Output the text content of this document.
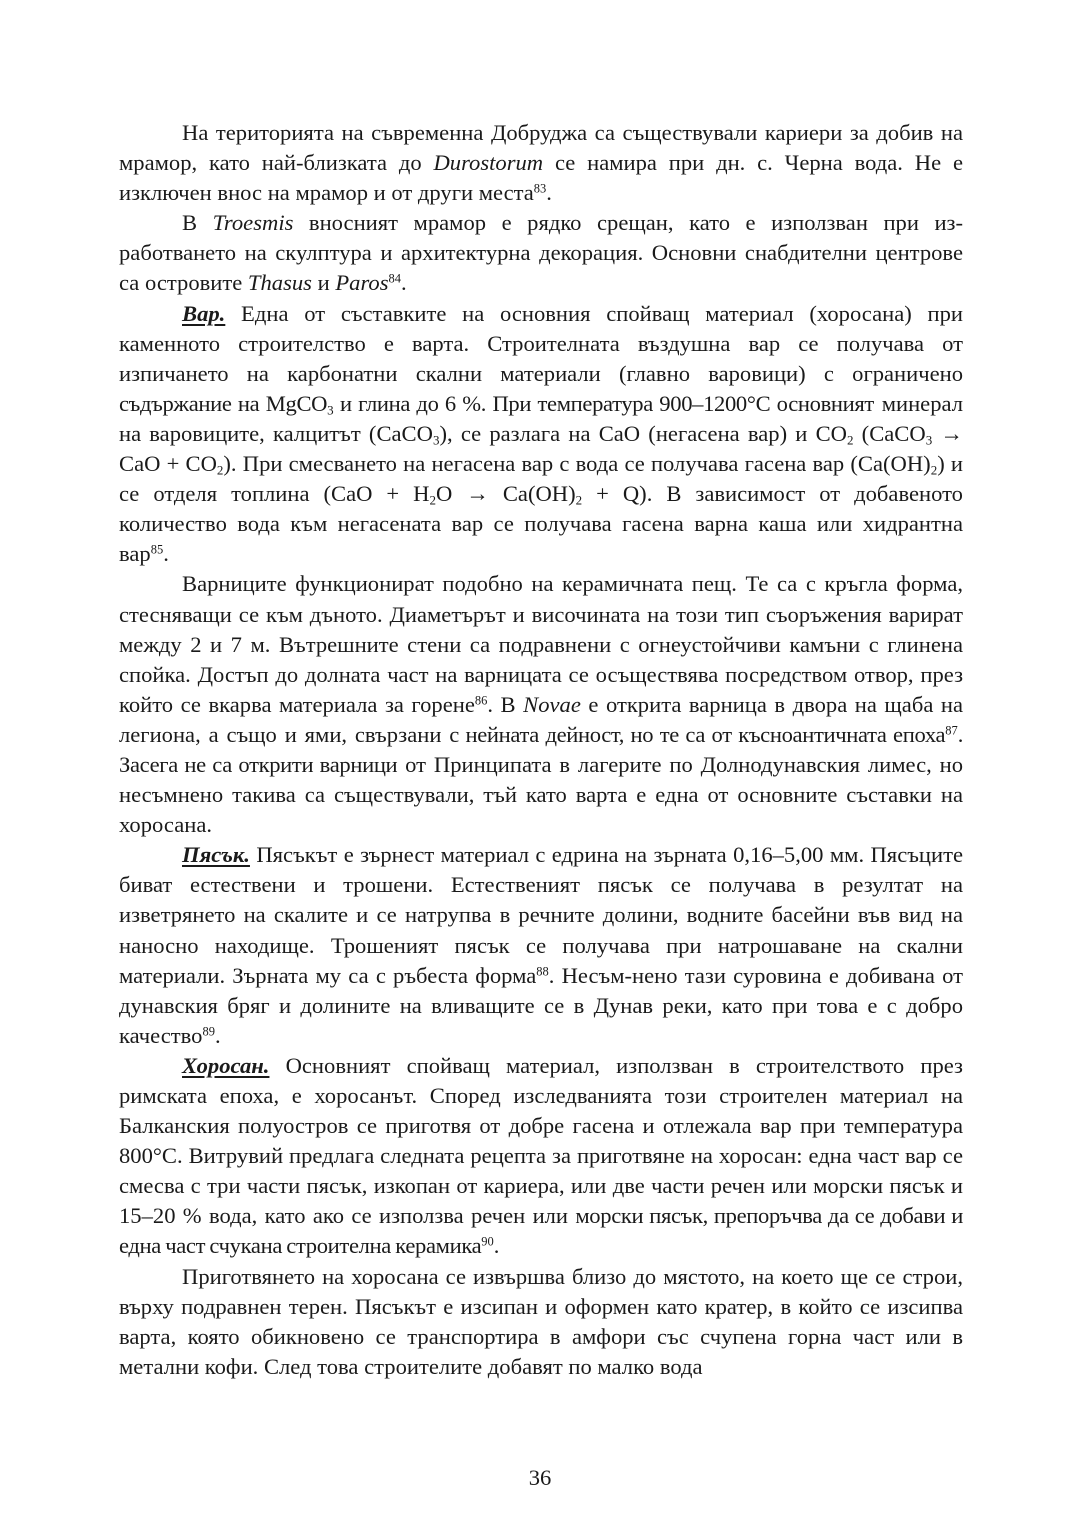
На територията на съвременна Добруджа са съществували кариери за добив на мрамор, като най-близката до Durostorum се намира при дн. с. Черна вода. Не е изключен внос на мрамор и от други места$^{83}$.

В Troesmis вносният мрамор е рядко срещан, като е използван при из-работването на скулптура и архитектурна декорация. Основни снабдителни центрове са островите Thasus и Paros$^{84}$.

Вар. Една от съставките на основния спойващ материал (хоросана) при каменното строителство е варта. Строителната въздушна вар се получава от изпичането на карбонатни скални материали (главно варовици) с ограничено съдържание на MgCO$_3$ и глина до 6 %. При температура 900–1200°C основният минерал на варовиците, калцитът (CaCO$_3$), се разлага на CaO (негасена вар) и $CO_2$ (CaCO$_3$ → CaO + $CO_2$). При смесването на негасена вар с вода се получава гасена вар $(Ca(OH)_2)$ и се отделя топлина $(CaO + H_2O \to Ca(OH)_2 + Q)$. В зависимост от добавеното количество вода към негасената вар се получава гасена варна каша или хидрантна вар$^{85}$.

Варниците функционират подобно на керамичната пещ. Те са с кръгла форма, стесняващи се към дъното. Диаметърът и височината на този тип съоръжения варират между 2 и 7 м. Вътрешните стени са подравнени с огнеустойчиви камъни с глинена спойка. Достъп до долната част на варницата се осъществява посредством отвор, през който се вкарва материала за горене$^{86}$. В Novae е открита варница в двора на щаба на легиона, а също и ями, свързани с нейната дейност, но те са от късноантичната епоха$^{87}$. Засега не са открити варници от Принципата в лагерите по Долнодунавския лимес, но несъмнено такива са съществували, тъй като варта е една от основните съставки на хоросана.

Пясък. Пясъкът е зърнест материал с едрина на зърната 0,16–5,00 мм. Пясъците биват естествени и трошени. Естественият пясък се получава в резултат на изветрянето на скалите и се натрупва в речните долини, водните басейни във вид на наносно находище. Трошеният пясък се получава при натрошаване на скални материали. Зърната му са с ръбеста форма$^{88}$. Несъм-нено тази суровина е добивана от дунавския бряг и долините на вливащите се в Дунав реки, като при това е с добро качество$^{89}$.

Хоросан. Основният спойващ материал, използван в строителството през римската епоха, е хоросанът. Според изследванията този строителен материал на Балканския полуостров се приготвя от добре гасена и отлежала вар при температура 800°C. Витрувий предлага следната рецепта за приготвяне на хоросан: една част вар се смесва с три части пясък, изкопан от кариера, или две части речен или морски пясък и 15–20 % вода, като ако се използва речен или морски пясък, препоръчва да се добави и една част счукана строителна керамика$^{90}$.

Приготвянето на хоросана се извършва близо до мястото, на което ще се строи, върху подравнен терен. Пясъкът е изсипан и оформен като кратер, в който се изсипва варта, която обикновено се транспортира в амфори със счупена горна част или в метални кофи. След това строителите добавят по малко вода

36
